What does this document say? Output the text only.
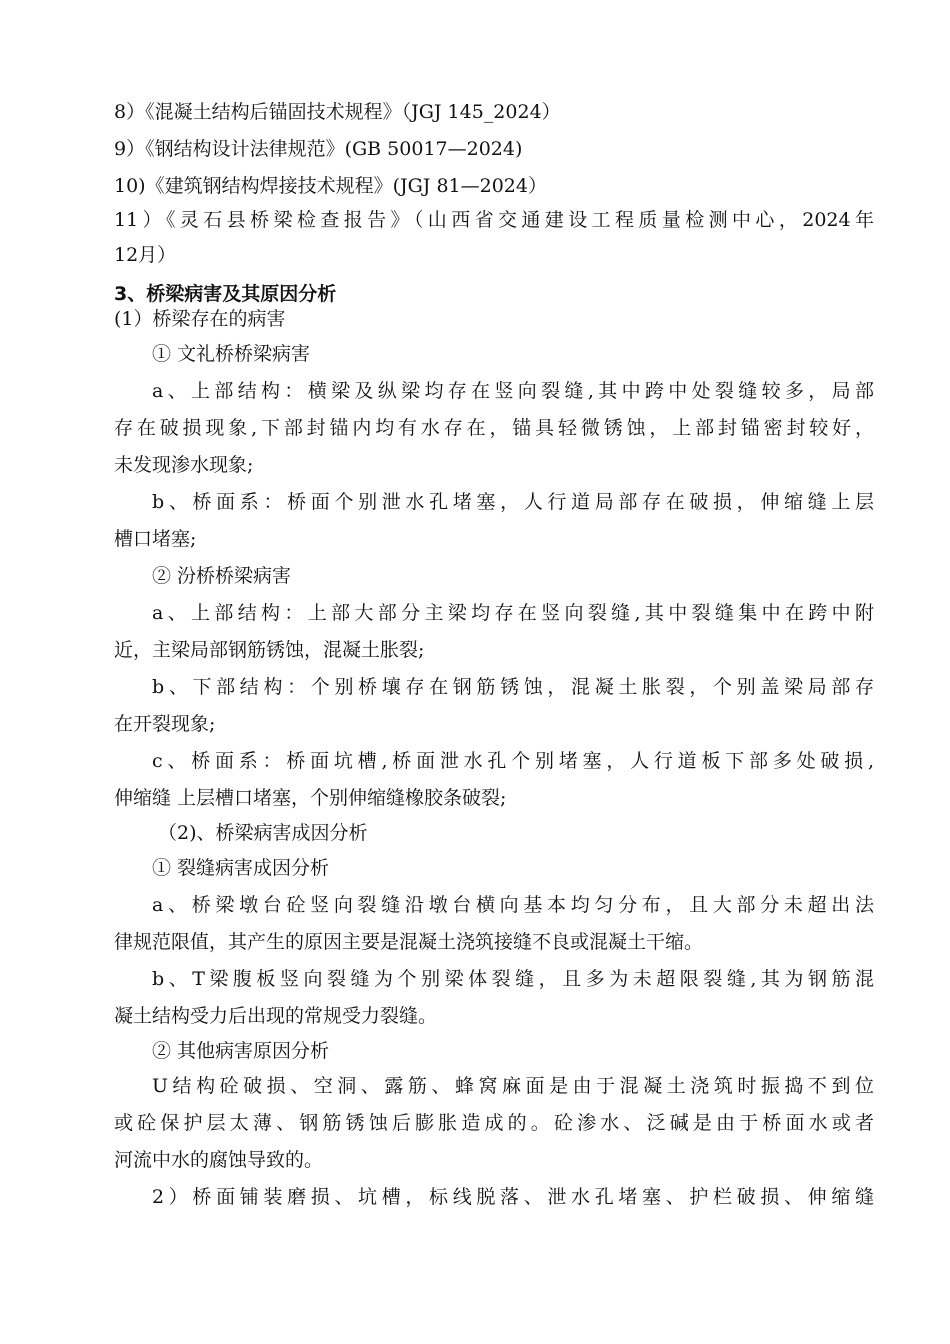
8）《混凝土结构后锚固技术规程》（JGJ 145_2024）
9）《钢结构设计法律规范》(GB 50017—2024)
10)《建筑钢结构焊接技术规程》(JGJ 81—2024）
11）《灵石县桥梁检查报告》（山西省交通建设工程质量检测中心，2024年
12月）
3、桥梁病害及其原因分析
(1）桥梁存在的病害
① 文礼桥桥梁病害
a、上部结构：横梁及纵梁均存在竖向裂缝,其中跨中处裂缝较多，局部
存在破损现象,下部封锚内均有水存在，锚具轻微锈蚀，上部封锚密封较好，
未发现渗水现象;
b、桥面系：桥面个别泄水孔堵塞，人行道局部存在破损，伸缩缝上层
槽口堵塞;
② 汾桥桥梁病害
a、上部结构：上部大部分主梁均存在竖向裂缝,其中裂缝集中在跨中附
近，主梁局部钢筋锈蚀，混凝土胀裂;
b、下部结构：个别桥壤存在钢筋锈蚀，混凝土胀裂，个别盖梁局部存
在开裂现象;
c、桥面系：桥面坑槽,桥面泄水孔个别堵塞，人行道板下部多处破损,
伸缩缝 上层槽口堵塞，个别伸缩缝橡胶条破裂;
（2)、桥梁病害成因分析
① 裂缝病害成因分析
a、桥梁墩台砼竖向裂缝沿墩台横向基本均匀分布，且大部分未超出法
律规范限值，其产生的原因主要是混凝土浇筑接缝不良或混凝土干缩。
b、T梁腹板竖向裂缝为个别梁体裂缝，且多为未超限裂缝,其为钢筋混
凝土结构受力后出现的常规受力裂缝。
② 其他病害原因分析
U结构砼破损、空洞、露筋、蜂窝麻面是由于混凝土浇筑时振捣不到位
或砼保护层太薄、钢筋锈蚀后膨胀造成的。砼渗水、泛碱是由于桥面水或者
河流中水的腐蚀导致的。
2）桥面铺装磨损、坑槽，标线脱落、泄水孔堵塞、护栏破损、伸缩缝
